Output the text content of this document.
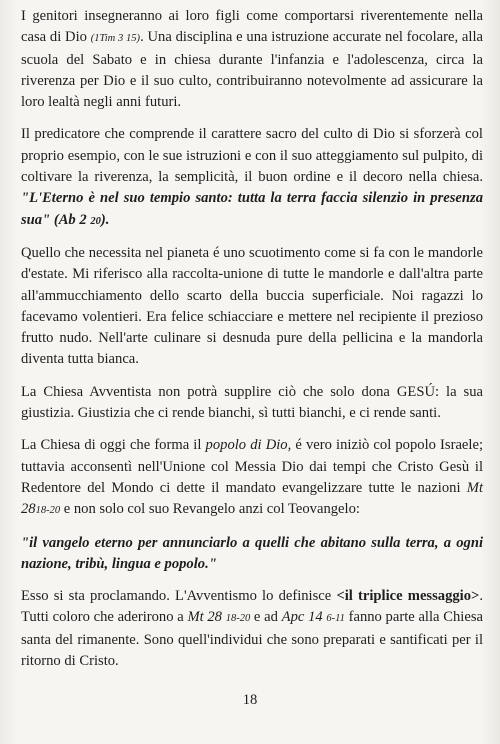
I genitori insegneranno ai loro figli come comportarsi riverentemente nella casa di Dio (1Tim 3 15). Una disciplina e una istruzione accurate nel focolare, alla scuola del Sabato e in chiesa durante l'infanzia e l'adolescenza, circa la riverenza per Dio e il suo culto, contribuiranno notevolmente ad assicurare la loro lealtà negli anni futuri.

Il predicatore che comprende il carattere sacro del culto di Dio si sforzerà col proprio esempio, con le sue istruzioni e con il suo atteggiamento sul pulpito, di coltivare la riverenza, la semplicità, il buon ordine e il decoro nella chiesa. "L'Eterno è nel suo tempio santo: tutta la terra faccia silenzio in presenza sua" (Ab 2 20).

Quello che necessita nel pianeta é uno scuotimento come si fa con le mandorle d'estate. Mi riferisco alla raccolta-unione di tutte le mandorle e dall'altra parte all'ammucchiamento dello scarto della buccia superficiale. Noi ragazzi lo facevamo volentieri. Era felice schiacciare e mettere nel recipiente il prezioso frutto nudo. Nell'arte culinare si desnuda pure della pellicina e la mandorla diventa tutta bianca.

La Chiesa Avventista non potrà supplire ciò che solo dona GESÚ: la sua giustizia. Giustizia che ci rende bianchi, sì tutti bianchi, e ci rende santi.

La Chiesa di oggi che forma il popolo di Dio, é vero iniziò col popolo Israele; tuttavia acconsentì nell'Unione col Messia Dio dai tempi che Cristo Gesù il Redentore del Mondo ci dette il mandato evangelizzare tutte le nazioni Mt 2818-20 e non solo col suo Revangelo anzi col Teovangelo:

"il vangelo eterno per annunciarlo a quelli che abitano sulla terra, a ogni nazione, tribù, lingua e popolo."

Esso si sta proclamando. L'Avventismo lo definisce <il triplice messaggio>. Tutti coloro che aderirono a Mt 28 18-20 e ad Apc 14 6-11 fanno parte alla Chiesa santa del rimanente. Sono quell'individui che sono preparati e santificati per il ritorno di Cristo.

18
